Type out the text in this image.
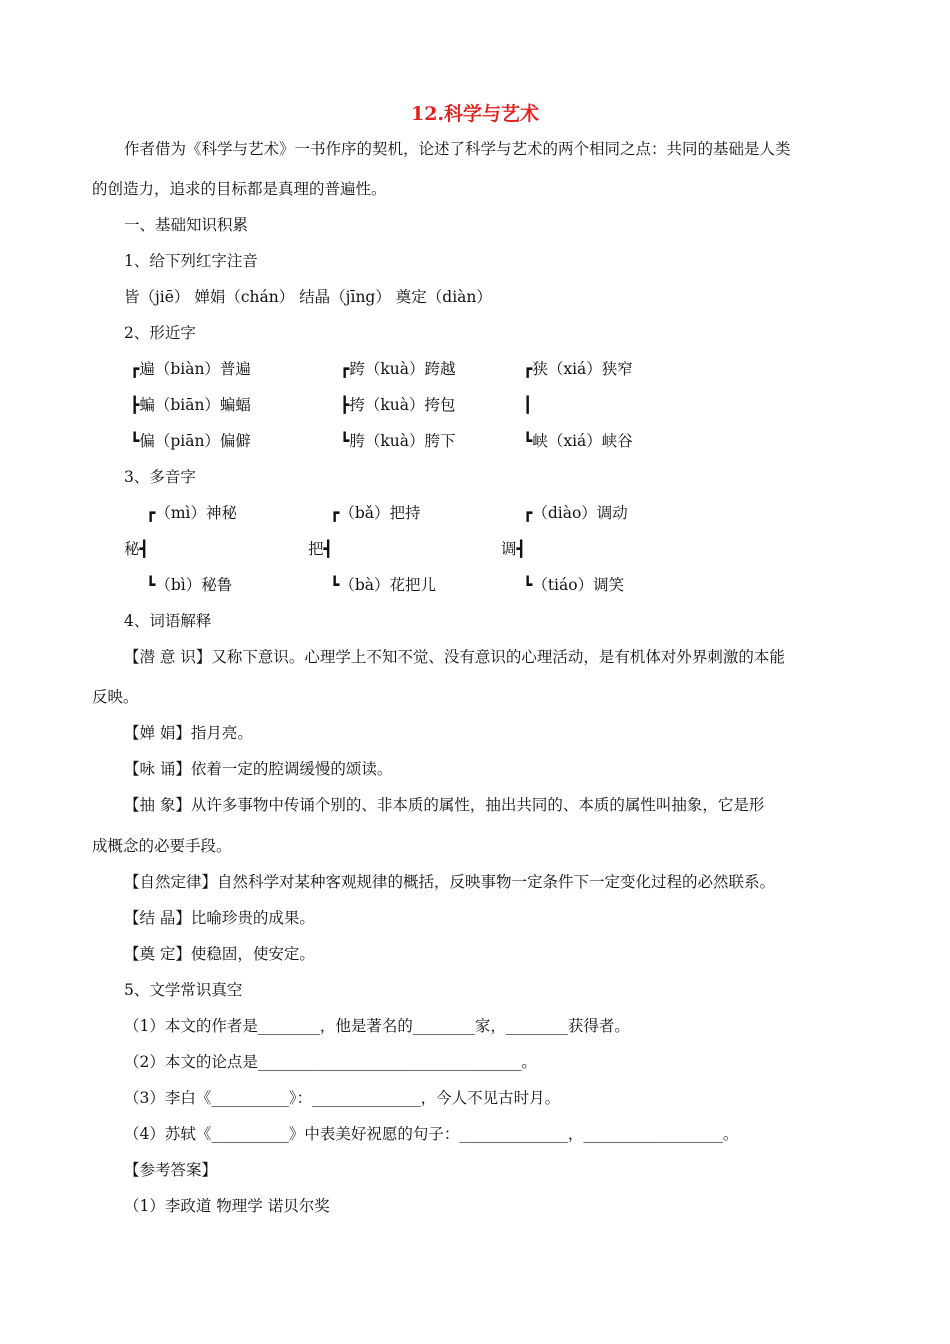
12.科学与艺术
作者借为《科学与艺术》一书作序的契机，论述了科学与艺术的两个相同之点：共同的基础是人类
的创造力，追求的目标都是真理的普遍性。
一、基础知识积累
1、给下列红字注音
皆（jiē） 婵娟（chán） 结晶（jīng） 奠定（diàn）
2、形近字
┏遍（biàn）普遍	┏跨（kuà）跨越	┏狭（xiá）狭窄
┣蝙（biān）蝙蝠	┣挎（kuà）挎包	┃
┗偏（piān）偏僻	┗胯（kuà）胯下	┗峡（xiá）峡谷
3、多音字
┏（mì）神秘	┏（bǎ）把持	┏（diào）调动
秘┫	把┫	调┫
┗（bì）秘鲁	┗（bà）花把儿	┗（tiáo）调笑
4、词语解释
【潜 意 识】又称下意识。心理学上不知不觉、没有意识的心理活动，是有机体对外界刺激的本能
反映。
【婵 娟】指月亮。
【咏 诵】依着一定的腔调缓慢的颂读。
【抽 象】从许多事物中传诵个别的、非本质的属性，抽出共同的、本质的属性叫抽象，它是形
成概念的必要手段。
【自然定律】自然科学对某种客观规律的概括，反映事物一定条件下一定变化过程的必然联系。
【结 晶】比喻珍贵的成果。
【奠 定】使稳固，使安定。
5、文学常识真空
（1）本文的作者是________，他是著名的________家，________获得者。
（2）本文的论点是__________________________________。
（3）李白《__________》：______________，今人不见古时月。
（4）苏轼《__________》中表美好祝愿的句子：______________，__________________。
【参考答案】
（1）李政道 物理学 诺贝尔奖
